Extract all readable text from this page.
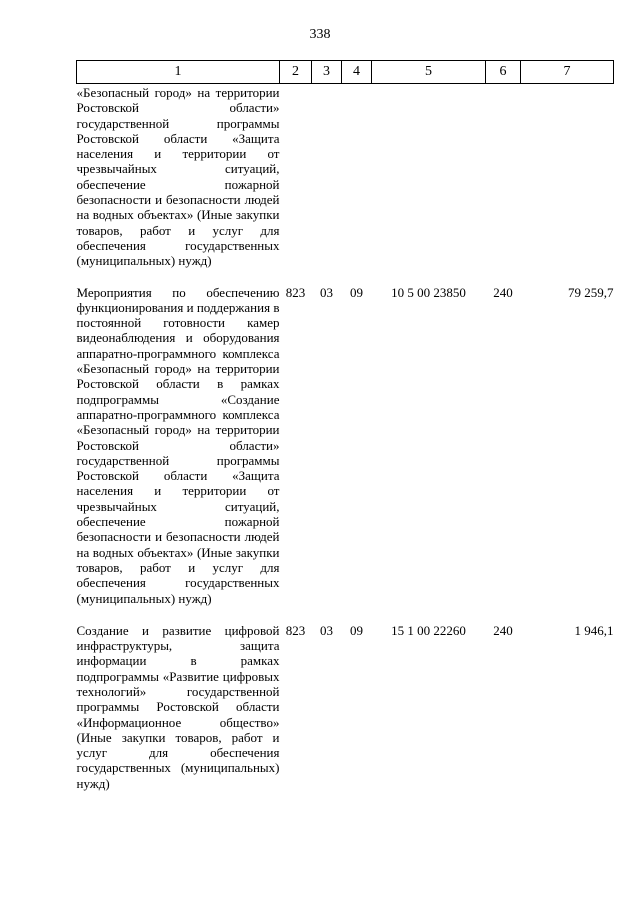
338
1	2	3	4	5	6	7
«Безопасный город» на территории Ростовской области» государственной программы Ростовской области «Защита населения и территории от чрезвычайных ситуаций, обеспечение пожарной безопасности и безопасности людей на водных объектах» (Иные закупки товаров, работ и услуг для обеспечения государственных (муниципальных) нужд)						
Мероприятия по обеспечению функционирования и поддержания в постоянной готовности камер видеонаблюдения и оборудования аппаратно-программного комплекса «Безопасный город» на территории Ростовской области в рамках подпрограммы «Создание аппаратно-программного комплекса «Безопасный город» на территории Ростовской области» государственной программы Ростовской области «Защита населения и территории от чрезвычайных ситуаций, обеспечение пожарной безопасности и безопасности людей на водных объектах» (Иные закупки товаров, работ и услуг для обеспечения государственных (муниципальных) нужд)	823	03	09	10 5 00 23850	240	79 259,7
Создание и развитие цифровой инфраструктуры, защита информации в рамках подпрограммы «Развитие цифровых технологий» государственной программы Ростовской области «Информационное общество» (Иные закупки товаров, работ и услуг для обеспечения государственных (муниципальных) нужд)	823	03	09	15 1 00 22260	240	1 946,1
